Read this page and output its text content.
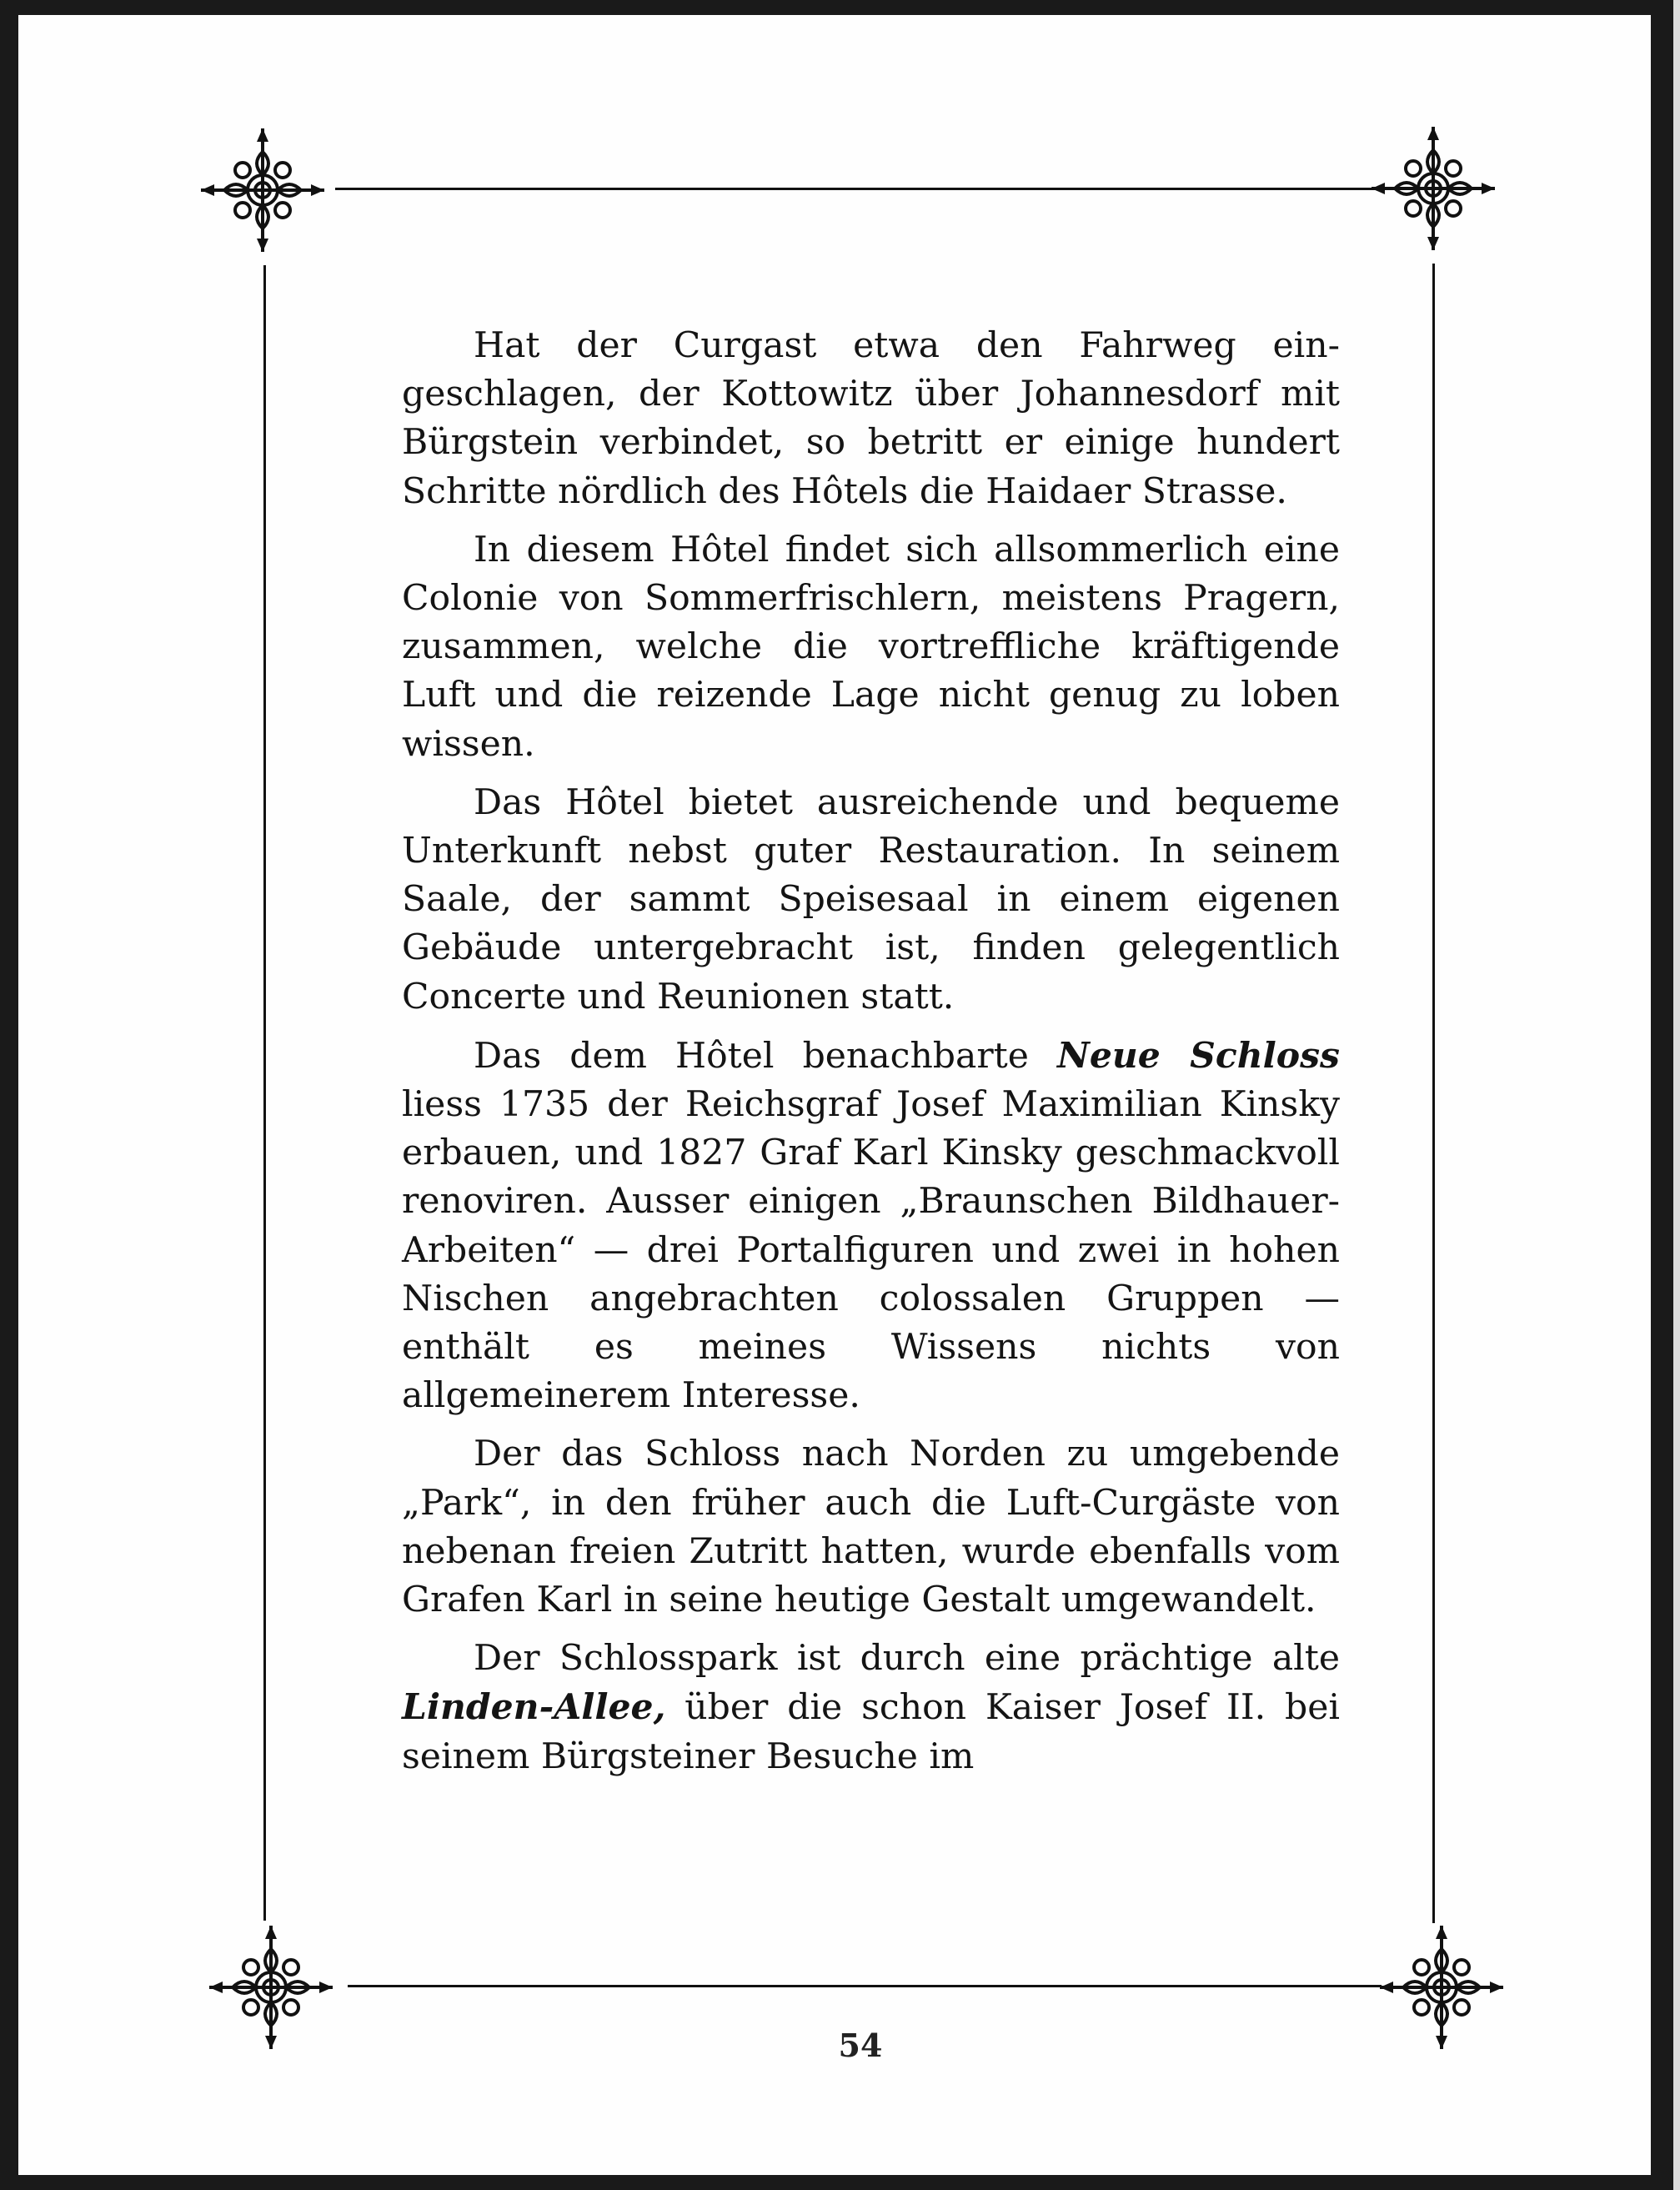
Hat der Curgast etwa den Fahrweg eingeschlagen, der Kottowitz über Johannesdorf mit Bürgstein verbindet, so betritt er einige hundert Schritte nördlich des Hôtels die Haidaer Strasse.

In diesem Hôtel findet sich allsommerlich eine Colonie von Sommerfrischlern, meistens Pragern, zusammen, welche die vortreffliche kräftigende Luft und die reizende Lage nicht genug zu loben wissen.

Das Hôtel bietet ausreichende und bequeme Unterkunft nebst guter Restauration. In seinem Saale, der sammt Speisesaal in einem eigenen Gebäude untergebracht ist, finden gelegentlich Concerte und Reunionen statt.

Das dem Hôtel benachbarte Neue Schloss liess 1735 der Reichsgraf Josef Maximilian Kinsky erbauen, und 1827 Graf Karl Kinsky geschmackvoll renoviren. Ausser einigen „Braunschen Bildhauer-Arbeiten“ — drei Portalfiguren und zwei in hohen Nischen angebrachten colossalen Gruppen — enthält es meines Wissens nichts von allgemeinerem Interesse.

Der das Schloss nach Norden zu umgebende „Park“, in den früher auch die Luft-Curgäste von nebenan freien Zutritt hatten, wurde ebenfalls vom Grafen Karl in seine heutige Gestalt umgewandelt.

Der Schlosspark ist durch eine prächtige alte Linden-Allee, über die schon Kaiser Josef II. bei seinem Bürgsteiner Besuche im

54
